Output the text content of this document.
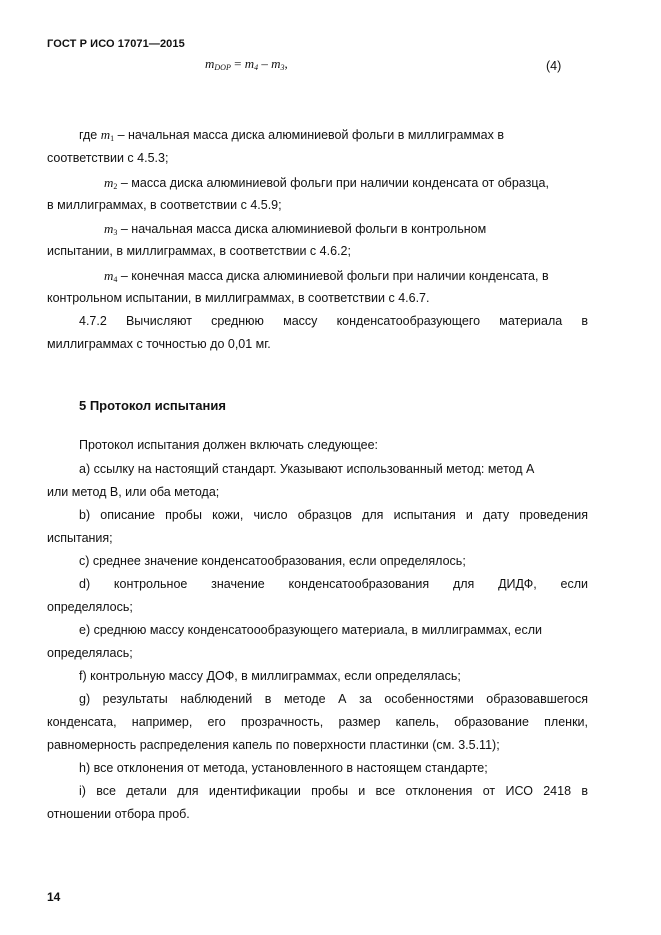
ГОСТ Р ИСО 17071—2015
$m_{DOP} = m_4 - m_3$,	(4)
где $m_1$ – начальная масса диска алюминиевой фольги в миллиграммах в
соответствии с 4.5.3;
$m_2$ – масса диска алюминиевой фольги при наличии конденсата от образца,
в миллиграммах, в соответствии с 4.5.9;
$m_3$ – начальная масса диска алюминиевой фольги в контрольном
испытании, в миллиграммах, в соответствии с 4.6.2;
$m_4$ – конечная масса диска алюминиевой фольги при наличии конденсата, в
контрольном испытании, в миллиграммах, в соответствии с 4.6.7.
4.7.2 Вычисляют среднюю массу конденсатообразующего материала в
миллиграммах с точностью до 0,01 мг.
5 Протокол испытания
Протокол испытания должен включать следующее:
a) ссылку на настоящий стандарт. Указывают использованный метод: метод А
или метод В, или оба метода;
b) описание пробы кожи, число образцов для испытания и дату проведения
испытания;
c) среднее значение конденсатообразования, если определялось;
d) контрольное значение конденсатообразования для ДИДФ, если
определялось;
e) среднюю массу конденсатоообразующего материала, в миллиграммах, если
определялась;
f) контрольную массу ДОФ, в миллиграммах, если определялась;
g) результаты наблюдений в методе А за особенностями образовавшегося
конденсата, например, его прозрачность, размер капель, образование пленки,
равномерность распределения капель по поверхности пластинки (см. 3.5.11);
h) все отклонения от метода, установленного в настоящем стандарте;
i) все детали для идентификации пробы и все отклонения от ИСО 2418 в
отношении отбора проб.
14
